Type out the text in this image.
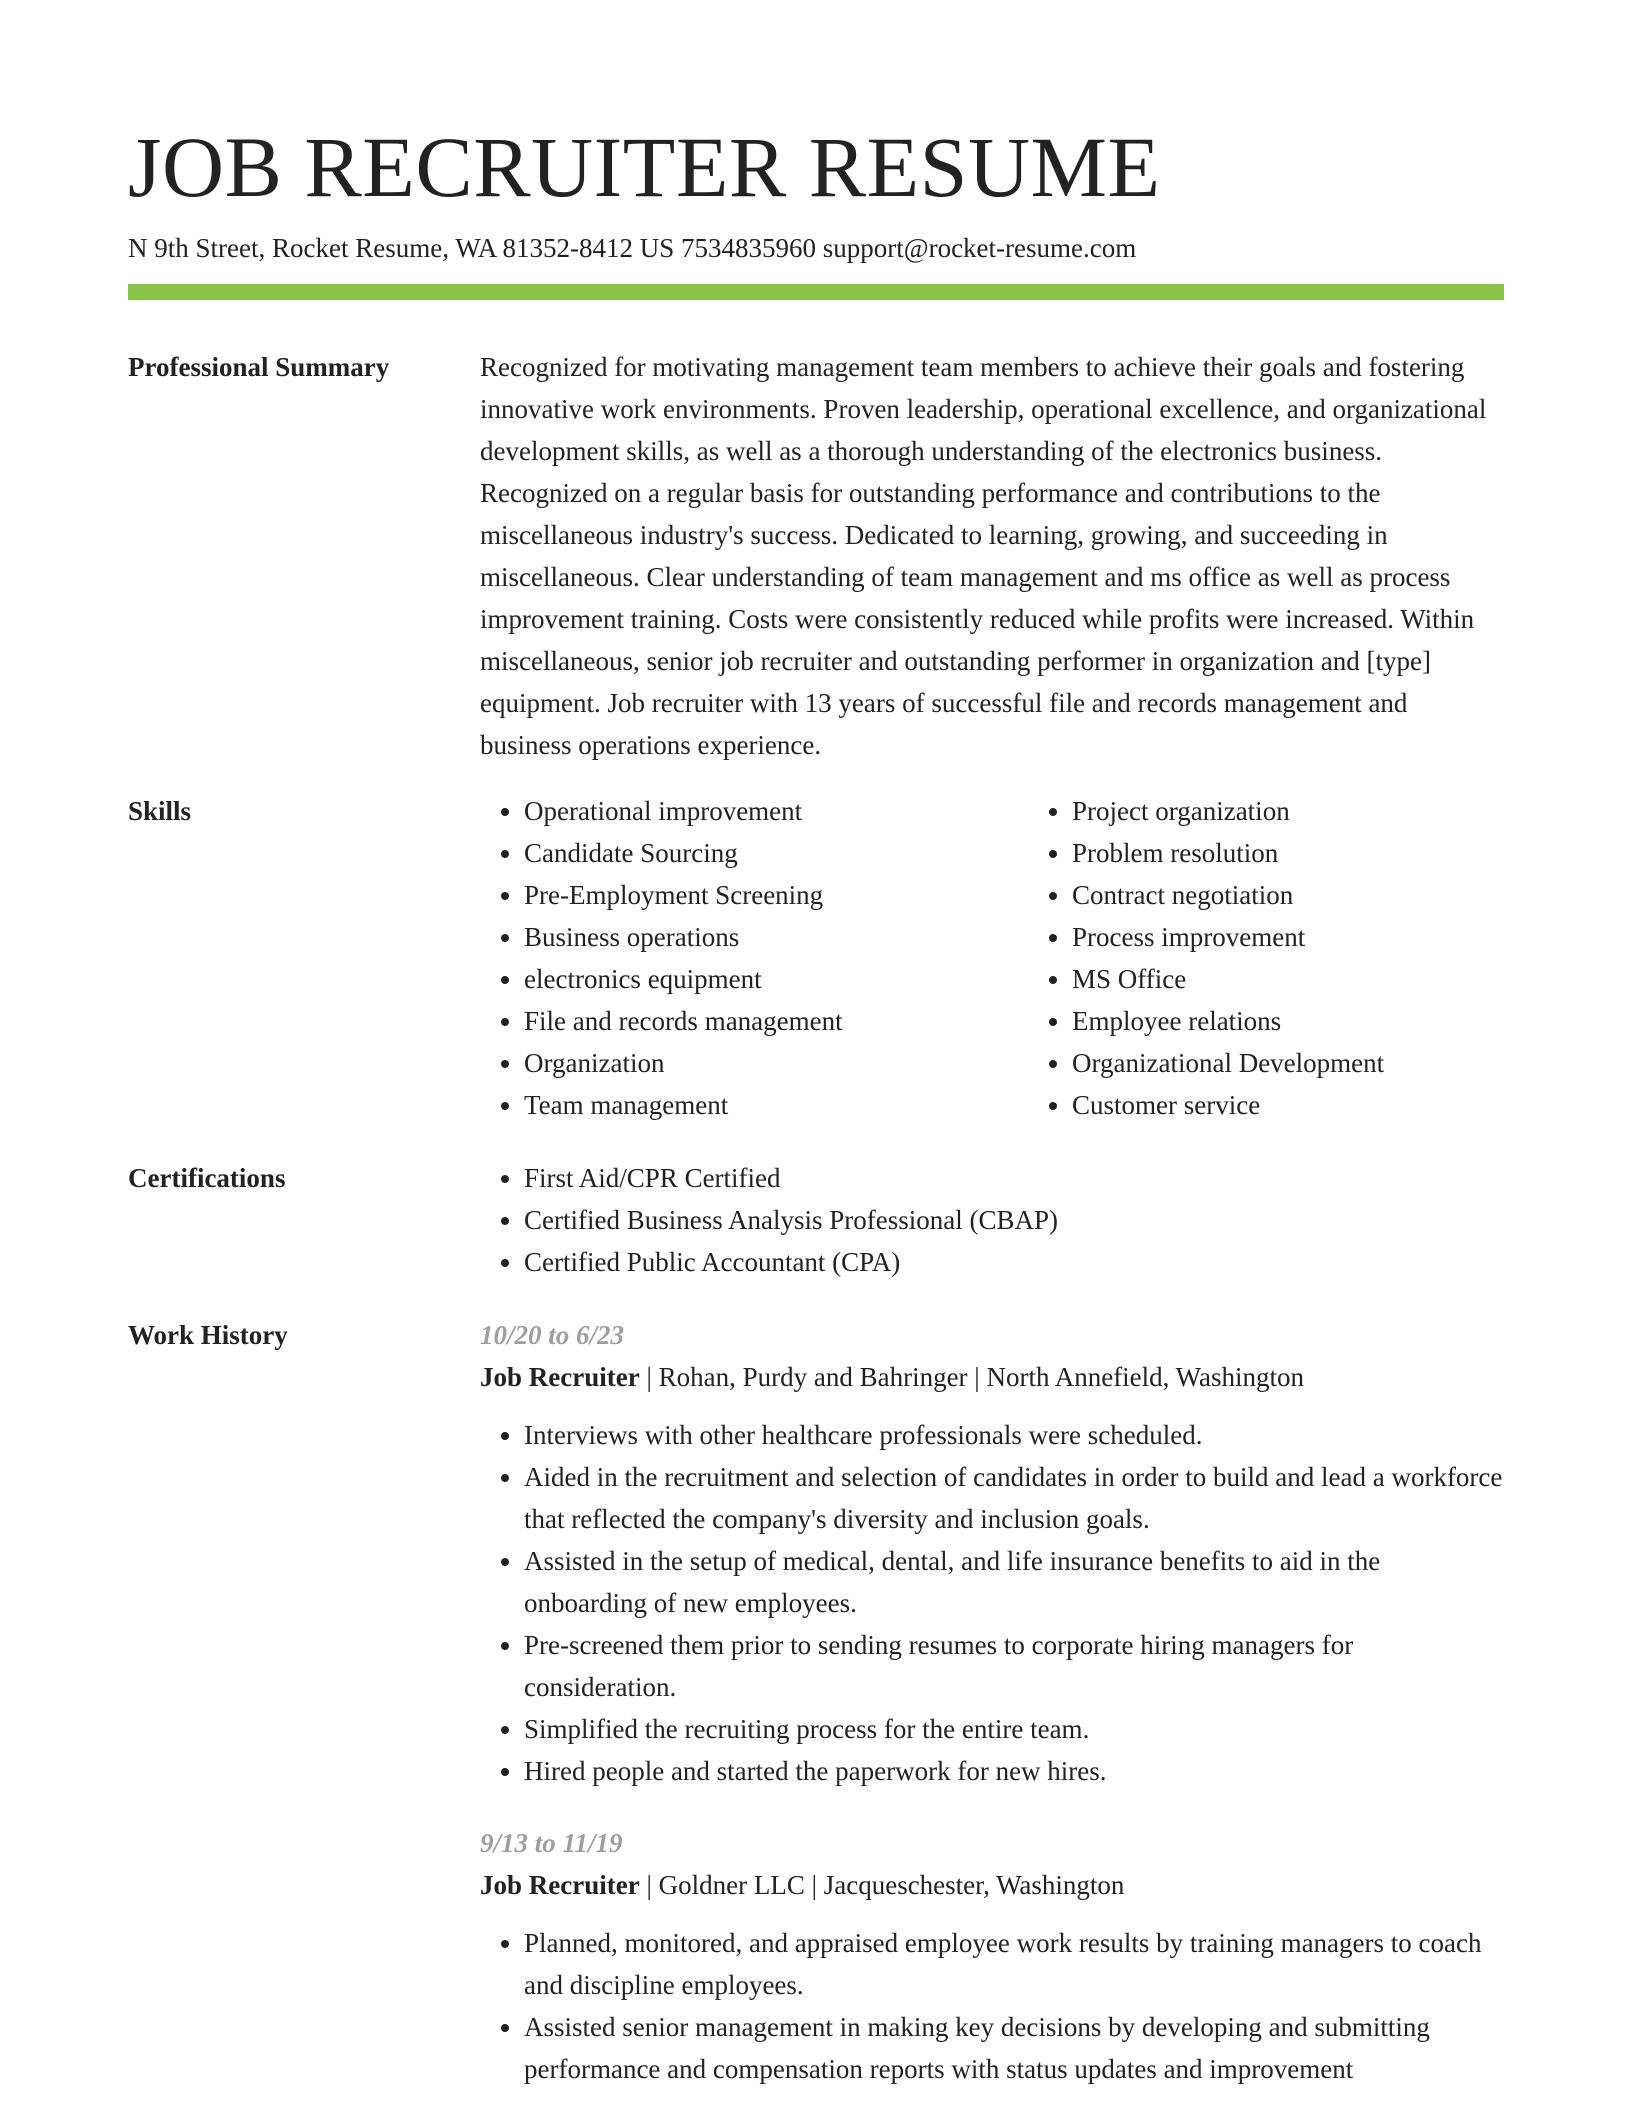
JOB RECRUITER RESUME
N 9th Street, Rocket Resume, WA 81352-8412 US 7534835960 support@rocket-resume.com
Professional Summary	Recognized for motivating management team members to achieve their goals and fostering innovative work environments. Proven leadership, operational excellence, and organizational development skills, as well as a thorough understanding of the electronics business. Recognized on a regular basis for outstanding performance and contributions to the miscellaneous industry's success. Dedicated to learning, growing, and succeeding in miscellaneous. Clear understanding of team management and ms office as well as process improvement training. Costs were consistently reduced while profits were increased. Within miscellaneous, senior job recruiter and outstanding performer in organization and [type] equipment. Job recruiter with 13 years of successful file and records management and business operations experience.

Skills	• Operational improvement
• Candidate Sourcing
• Pre-Employment Screening
• Business operations
• electronics equipment
• File and records management
• Organization
• Team management
• Project organization
• Problem resolution
• Contract negotiation
• Process improvement
• MS Office
• Employee relations
• Organizational Development
• Customer service
Certifications	• First Aid/CPR Certified
• Certified Business Analysis Professional (CBAP)
• Certified Public Accountant (CPA)
Work History	10/20 to 6/23
Job Recruiter | Rohan, Purdy and Bahringer | North Annefield, Washington
• Interviews with other healthcare professionals were scheduled.
• Aided in the recruitment and selection of candidates in order to build and lead a workforce that reflected the company's diversity and inclusion goals.
• Assisted in the setup of medical, dental, and life insurance benefits to aid in the onboarding of new employees.
• Pre-screened them prior to sending resumes to corporate hiring managers for consideration.
• Simplified the recruiting process for the entire team.
• Hired people and started the paperwork for new hires.
9/13 to 11/19
Job Recruiter | Goldner LLC | Jacqueschester, Washington
• Planned, monitored, and appraised employee work results by training managers to coach and discipline employees.
• Assisted senior management in making key decisions by developing and submitting performance and compensation reports with status updates and improvement
